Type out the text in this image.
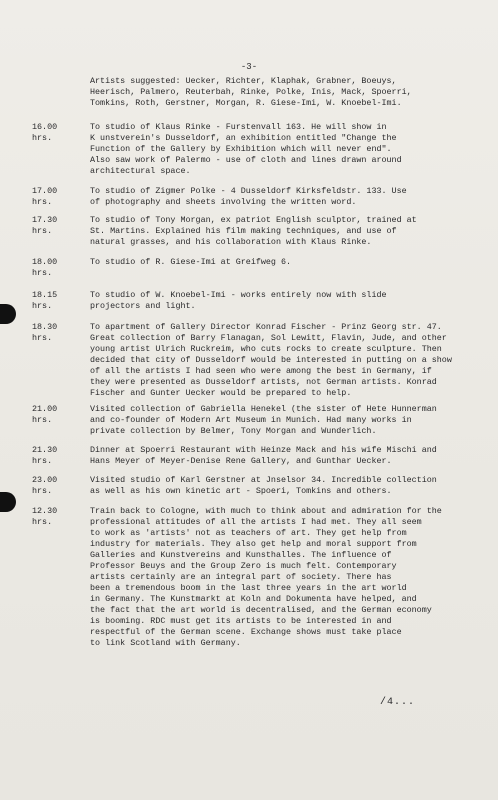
-3-
Artists suggested: Uecker, Richter, Klaphak, Grabner, Boeuys,
Heerisch, Palmero, Reuterbah, Rinke, Polke, Inis, Mack, Spoerri,
Tomkins, Roth, Gerstner, Morgan, R. Giese-Imi, W. Knoebel-Imi.
16.00
hrs.
To studio of Klaus Rinke - Furstenvall 163. He will show in
K unstverein's Dusseldorf, an exhibition entitled "Change the
Function of the Gallery by Exhibition which will never end".
Also saw work of Palermo - use of cloth and lines drawn around
architectural space.
17.00
hrs.
To studio of Zigmer Polke - 4 Dusseldorf Kirksfeldstr. 133. Use
of photography and sheets involving the written word.
17.30
hrs.
To studio of Tony Morgan, ex patriot English sculptor, trained at
St. Martins. Explained his film making techniques, and use of
natural grasses, and his collaboration with Klaus Rinke.
18.00
hrs.
To studio of R. Giese-Imi at Greifweg 6.
18.15
hrs.
To studio of W. Knoebel-Imi - works entirely now with slide
projectors and light.
18.30
hrs.
To apartment of Gallery Director Konrad Fischer - Prinz Georg str. 47.
Great collection of Barry Flanagan, Sol Lewitt, Flavin, Jude, and other
young artist Ulrich Ruckreim, who cuts rocks to create sculpture. Then
decided that city of Dusseldorf would be interested in putting on a show
of all the artists I had seen who were among the best in Germany, if
they were presented as Dusseldorf artists, not German artists. Konrad
Fischer and Gunter Uecker would be prepared to help.
21.00
hrs.
Visited collection of Gabriella Henekel (the sister of Hete Hunnerman
and co-founder of Modern Art Museum in Munich. Had many works in
private collection by Belmer, Tony Morgan and Wunderlich.
21.30
hrs.
Dinner at Spoerri Restaurant with Heinze Mack and his wife Mischi and
Hans Meyer of Meyer-Denise Rene Gallery, and Gunthar Uecker.
23.00
hrs.
Visited studio of Karl Gerstner at Jnselsor 34. Incredible collection
as well as his own kinetic art - Spoeri, Tomkins and others.
12.30
hrs.
Train back to Cologne, with much to think about and admiration for the
professional attitudes of all the artists I had met. They all seem
to work as 'artists' not as teachers of art. They get help from
industry for materials. They also get help and moral support from
Galleries and Kunstvereins and Kunsthalles. The influence of
Professor Beuys and the Group Zero is much felt. Contemporary
artists certainly are an integral part of society. There has
been a tremendous boom in the last three years in the art world
in Germany. The Kunstmarkt at Koln and Dokumenta have helped, and
the fact that the art world is decentralised, and the German economy
is booming. RDC must get its artists to be interested in and
respectful of the German scene. Exchange shows must take place
to link Scotland with Germany.
/4...
